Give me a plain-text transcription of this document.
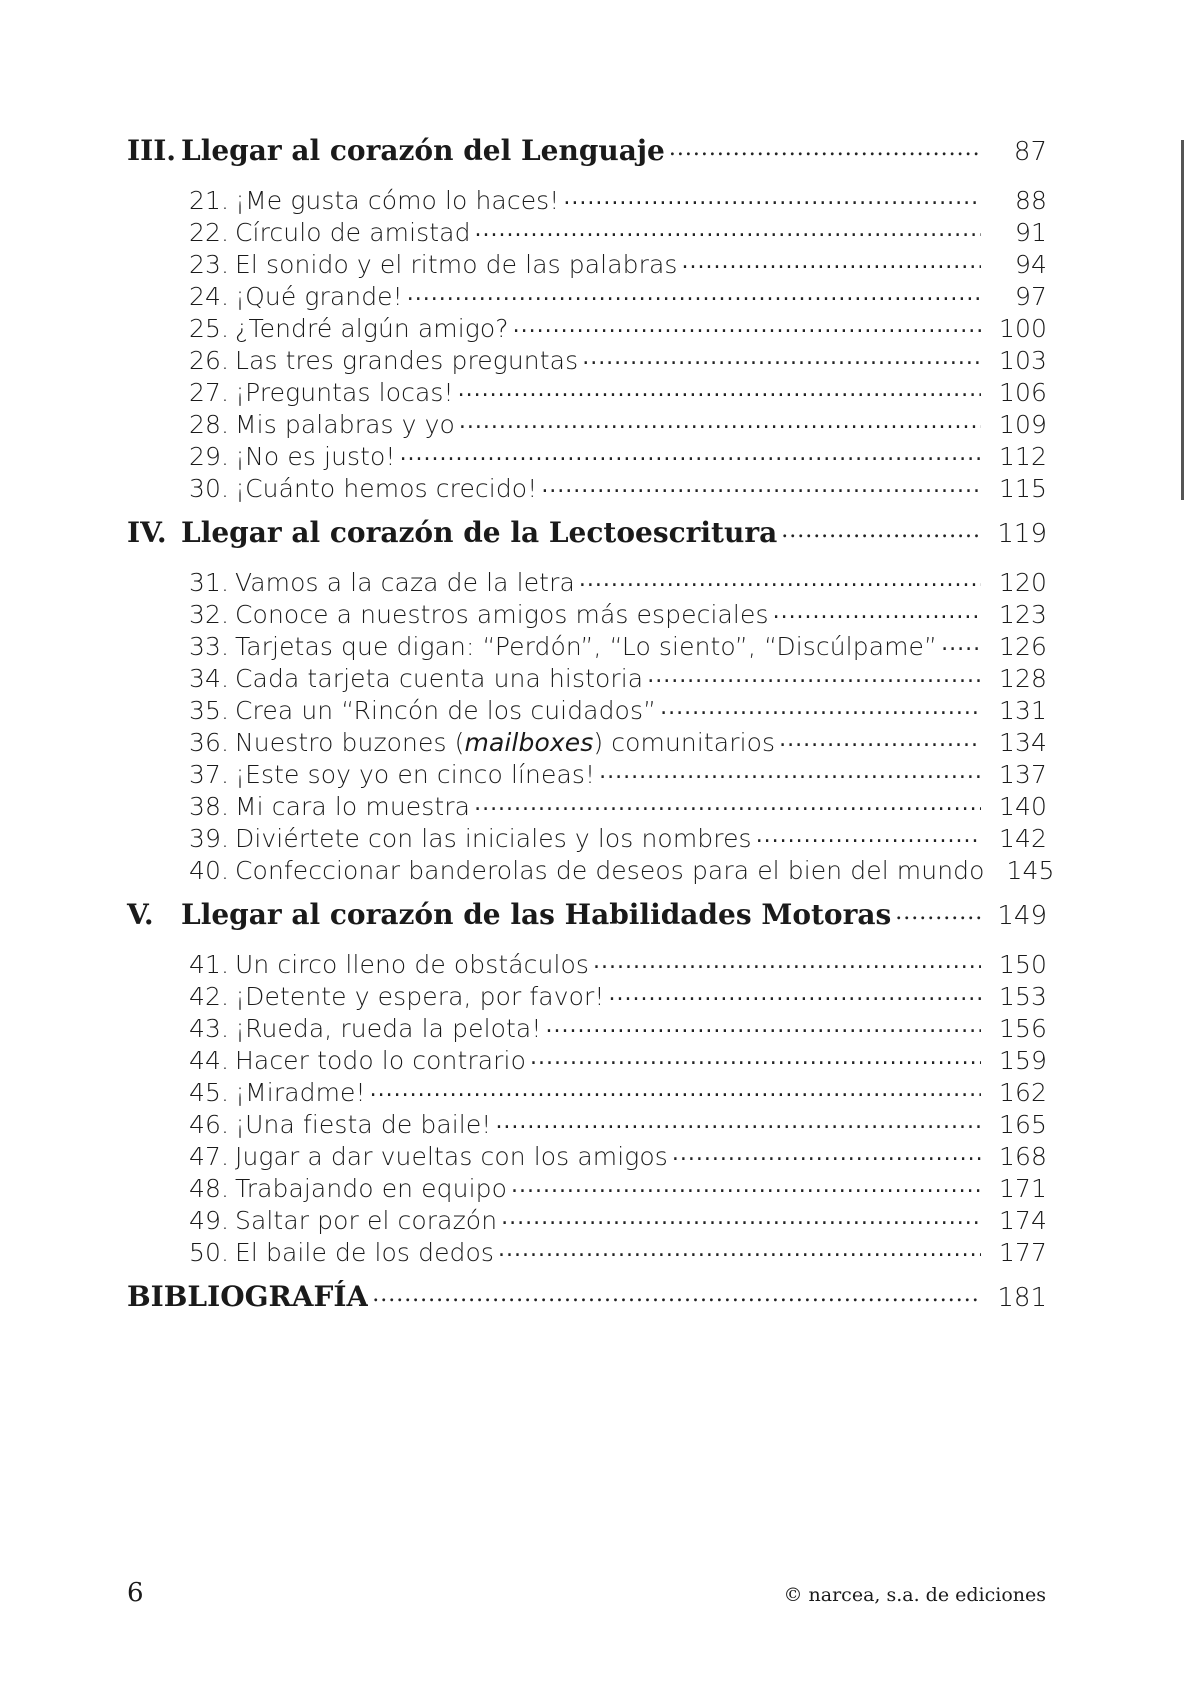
III. Llegar al corazón del Lenguaje .....	87
21. ¡Me gusta cómo lo haces! .....	88
22. Círculo de amistad .....	91
23. El sonido y el ritmo de las palabras .....	94
24. ¡Qué grande! .....	97
25. ¿Tendré algún amigo? .....	100
26. Las tres grandes preguntas .....	103
27. ¡Preguntas locas! .....	106
28. Mis palabras y yo .....	109
29. ¡No es justo! .....	112
30. ¡Cuánto hemos crecido! .....	115
IV. Llegar al corazón de la Lectoescritura .....	119
31. Vamos a la caza de la letra .....	120
32. Conoce a nuestros amigos más especiales .....	123
33. Tarjetas que digan: “Perdón”, “Lo siento”, “Discúlpame” .....	126
34. Cada tarjeta cuenta una historia .....	128
35. Crea un “Rincón de los cuidados” .....	131
36. Nuestro buzones (mailboxes) comunitarios .....	134
37. ¡Este soy yo en cinco líneas! .....	137
38. Mi cara lo muestra .....	140
39. Diviértete con las iniciales y los nombres .....	142
40. Confeccionar banderolas de deseos para el bien del mundo 145
V. Llegar al corazón de las Habilidades Motoras .....	149
41. Un circo lleno de obstáculos .....	150
42. ¡Detente y espera, por favor! .....	153
43. ¡Rueda, rueda la pelota! .....	156
44. Hacer todo lo contrario .....	159
45. ¡Miradme! .....	162
46. ¡Una fiesta de baile! .....	165
47. Jugar a dar vueltas con los amigos .....	168
48. Trabajando en equipo .....	171
49. Saltar por el corazón .....	174
50. El baile de los dedos .....	177
BIBLIOGRAFÍA .....	181
6	© narcea, s.a. de ediciones
